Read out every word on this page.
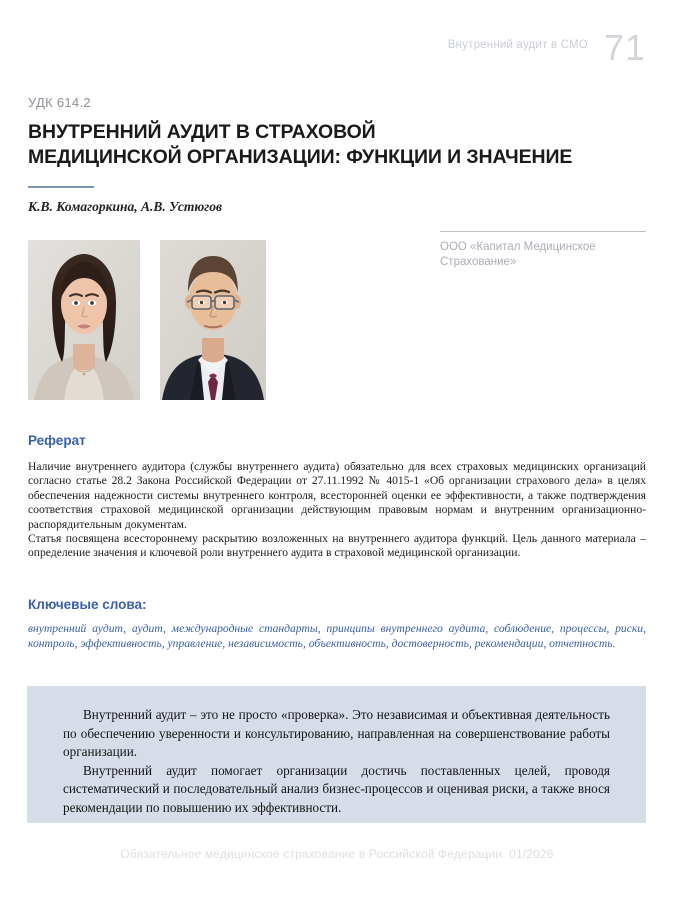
Внутренний аудит в СМО 71
УДК 614.2
ВНУТРЕННИЙ АУДИТ В СТРАХОВОЙ
МЕДИЦИНСКОЙ ОРГАНИЗАЦИИ: ФУНКЦИИ И ЗНАЧЕНИЕ
К.В. Комагоркина, А.В. Устюгов
ООО «Капитал Медицинское Страхование»
Реферат

Наличие внутреннего аудитора (службы внутреннего аудита) обязательно для всех страховых медицинских организаций согласно статье 28.2 Закона Российской Федерации от 27.11.1992 № 4015-1 «Об организации страхового дела» в целях обеспечения надежности системы внутреннего контроля, всесторонней оценки ее эффективности, а также подтверждения соответствия страховой медицинской организации действующим правовым нормам и внутренним организационно-распорядительным документам.

Статья посвящена всестороннему раскрытию возложенных на внутреннего аудитора функций. Цель данного материала – определение значения и ключевой роли внутреннего аудита в страховой медицинской организации.

Ключевые слова:
внутренний аудит, аудит, международные стандарты, принципы внутреннего аудита, соблюдение, процессы, риски, контроль, эффективность, управление, независимость, объективность, достоверность, рекомендации, отчетность.

Внутренний аудит – это не просто «проверка». Это независимая и объективная деятельность по обеспечению уверенности и консультированию, направленная на совершенствование работы организации.

Внутренний аудит помогает организации достичь поставленных целей, проводя систематический и последовательный анализ бизнес-процессов и оценивая риски, а также внося рекомендации по повышению их эффективности.

Обязательное медицинское страхование в Российской Федерации. 01/2026
